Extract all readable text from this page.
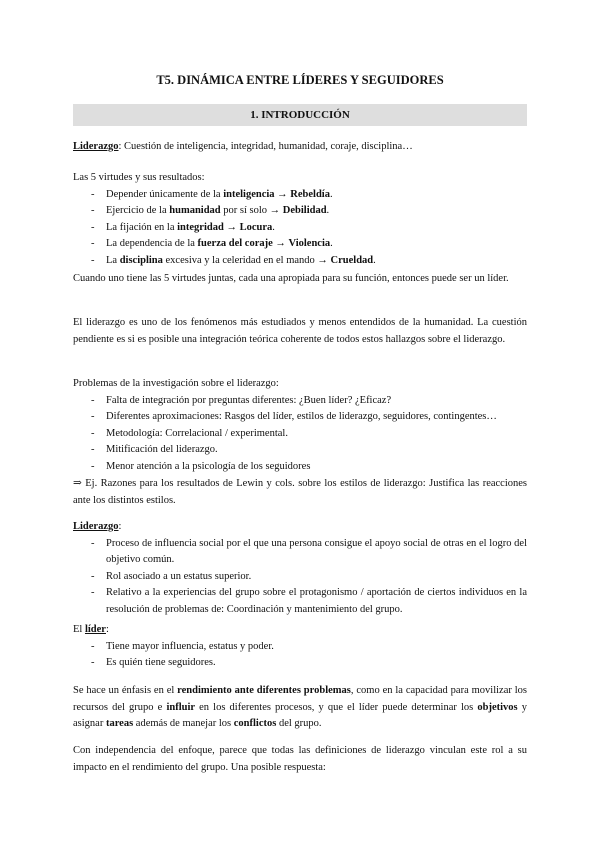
T5. DINÁMICA ENTRE LÍDERES Y SEGUIDORES
1. INTRODUCCIÓN

Liderazgo: Cuestión de inteligencia, integridad, humanidad, coraje, disciplina…

Las 5 virtudes y sus resultados:
- Depender únicamente de la inteligencia → Rebeldía.
- Ejercicio de la humanidad por sí solo → Debilidad.
- La fijación en la integridad → Locura.
- La dependencia de la fuerza del coraje → Violencia.
- La disciplina excesiva y la celeridad en el mando → Crueldad.

Cuando uno tiene las 5 virtudes juntas, cada una apropiada para su función, entonces puede ser un líder.

El liderazgo es uno de los fenómenos más estudiados y menos entendidos de la humanidad. La cuestión pendiente es si es posible una integración teórica coherente de todos estos hallazgos sobre el liderazgo.

Problemas de la investigación sobre el liderazgo:
- Falta de integración por preguntas diferentes: ¿Buen líder? ¿Eficaz?
- Diferentes aproximaciones: Rasgos del líder, estilos de liderazgo, seguidores, contingentes…
- Metodología: Correlacional / experimental.
- Mitificación del liderazgo.
- Menor atención a la psicología de los seguidores

⇒ Ej. Razones para los resultados de Lewin y cols. sobre los estilos de liderazgo: Justifica las reacciones ante los distintos estilos.

Liderazgo:
- Proceso de influencia social por el que una persona consigue el apoyo social de otras en el logro del objetivo común.
- Rol asociado a un estatus superior.
- Relativo a la experiencias del grupo sobre el protagonismo / aportación de ciertos individuos en la resolución de problemas de: Coordinación y mantenimiento del grupo.
El líder:
- Tiene mayor influencia, estatus y poder.
- Es quién tiene seguidores.

Se hace un énfasis en el rendimiento ante diferentes problemas, como en la capacidad para movilizar los recursos del grupo e influir en los diferentes procesos, y que el líder puede determinar los objetivos y asignar tareas además de manejar los conflictos del grupo.

Con independencia del enfoque, parece que todas las definiciones de liderazgo vinculan este rol a su impacto en el rendimiento del grupo. Una posible respuesta:
